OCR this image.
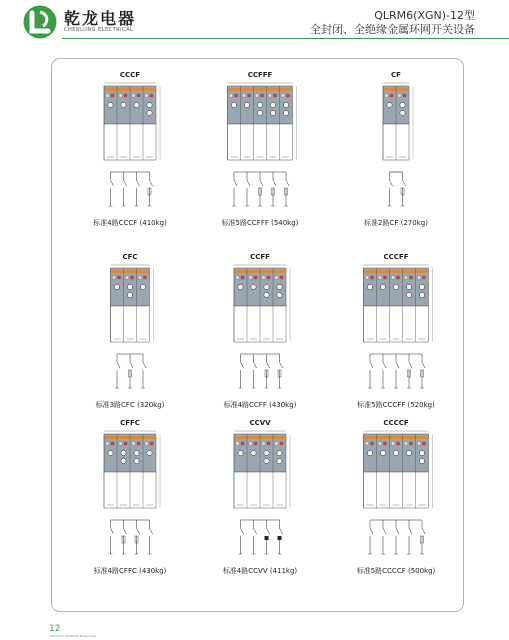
乾龙电器
CHENLUNG ELECTRICAL
QLRM6(XGN)-12型
全封闭、全绝缘金属环网开关设备
CCCF
标准4路CCCF (410kg)
CCFFF
标准5路CCFFF (540kg)
CF
标准2路CF (270kg)
CFC
标准3路CFC (320kg)
CCFF
标准4路CCFF (430kg)
CCCFF
标准5路CCCFF (520kg)
CFFC
标准4路CFFC (430kg)
CCVV
标准4路CCVV (411kg)
CCCCF
标准5路CCCCF (500kg)
12
ChenLung Electrical Equipment
